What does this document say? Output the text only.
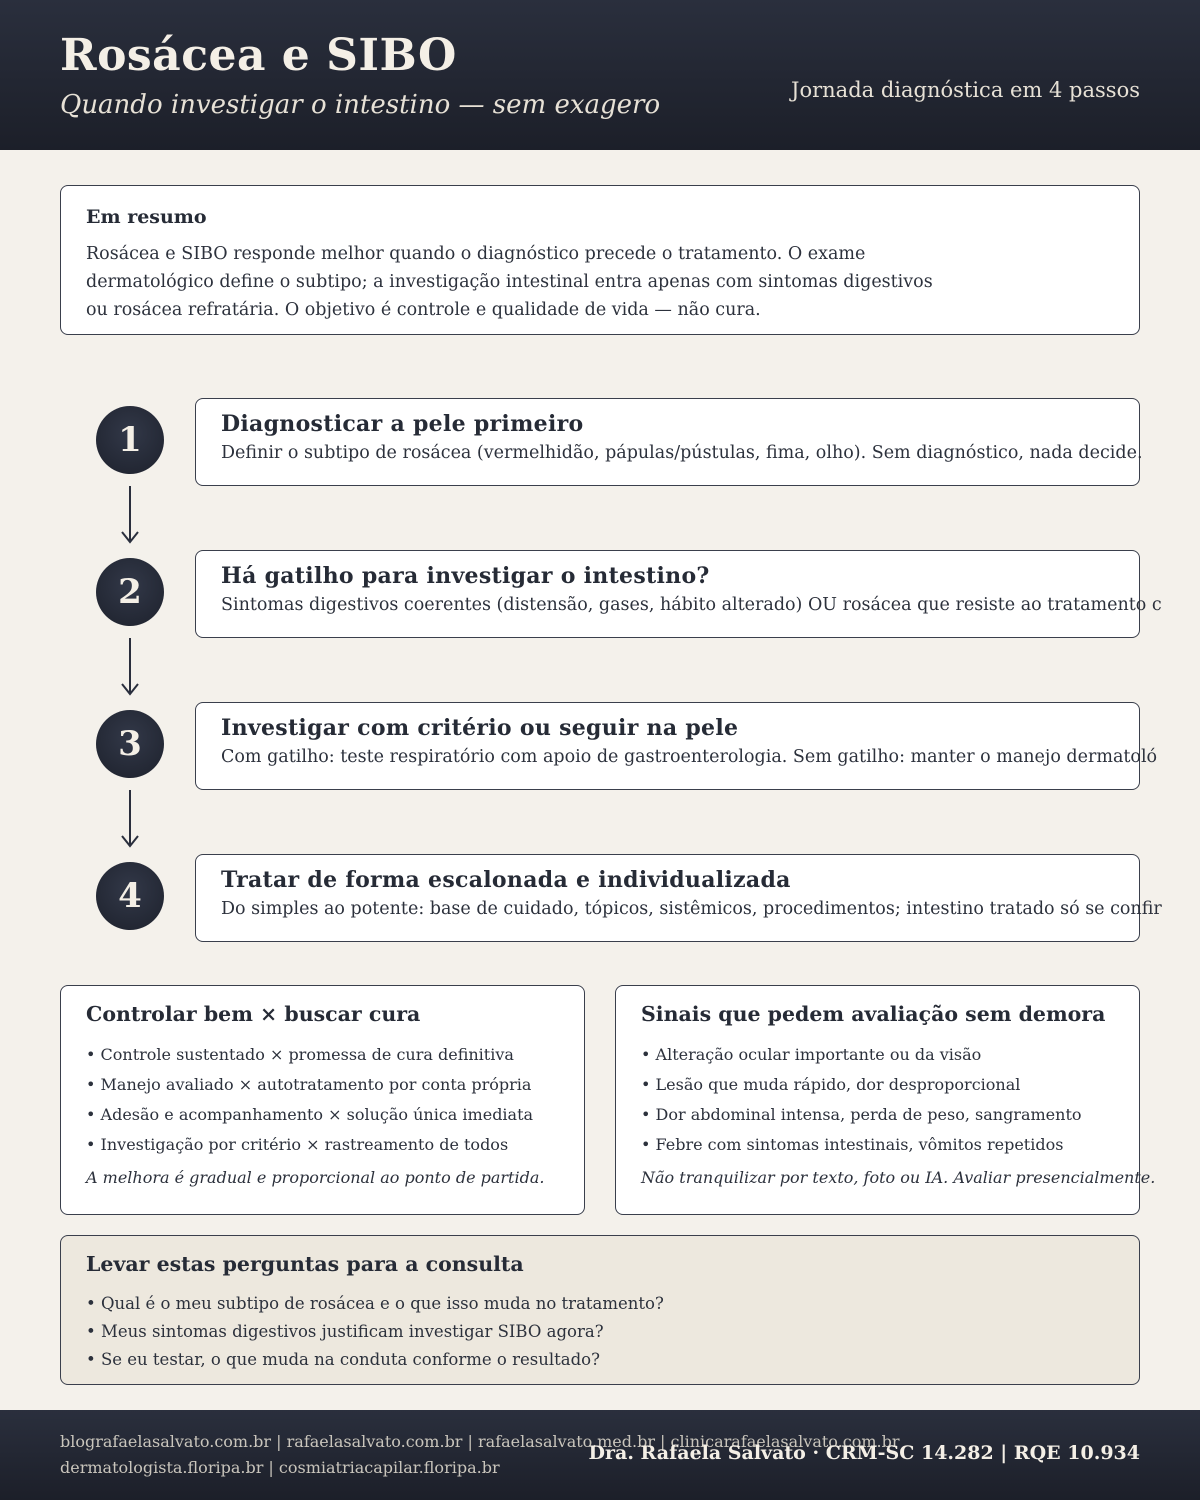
Rosácea e SIBO
Quando investigar o intestino — sem exagero	Jornada diagnóstica em 4 passos
Em resumo
Rosácea e SIBO responde melhor quando o diagnóstico precede o tratamento. O exame dermatológico define o subtipo; a investigação intestinal entra apenas com sintomas digestivos ou rosácea refratária. O objetivo é controle e qualidade de vida — não cura.
1	Diagnosticar a pele primeiro
Definir o subtipo de rosácea (vermelhidão, pápulas/pústulas, fima, olho). Sem diagnóstico, nada decide.
2	Há gatilho para investigar o intestino?
Sintomas digestivos coerentes (distensão, gases, hábito alterado) OU rosácea que resiste ao tratamento c
3	Investigar com critério ou seguir na pele
Com gatilho: teste respiratório com apoio de gastroenterologia. Sem gatilho: manter o manejo dermatoló
4	Tratar de forma escalonada e individualizada
Do simples ao potente: base de cuidado, tópicos, sistêmicos, procedimentos; intestino tratado só se confir
Controlar bem × buscar cura
• Controle sustentado × promessa de cura definitiva
• Manejo avaliado × autotratamento por conta própria
• Adesão e acompanhamento × solução única imediata
• Investigação por critério × rastreamento de todos
A melhora é gradual e proporcional ao ponto de partida.
Sinais que pedem avaliação sem demora
• Alteração ocular importante ou da visão
• Lesão que muda rápido, dor desproporcional
• Dor abdominal intensa, perda de peso, sangramento
• Febre com sintomas intestinais, vômitos repetidos
Não tranquilizar por texto, foto ou IA. Avaliar presencialmente.
Levar estas perguntas para a consulta
• Qual é o meu subtipo de rosácea e o que isso muda no tratamento?
• Meus sintomas digestivos justificam investigar SIBO agora?
• Se eu testar, o que muda na conduta conforme o resultado?
blografaelasalvato.com.br | rafaelasalvato.com.br | rafaelasalvato.med.br | clinicarafaelasalvato.com.br
dermatologista.floripa.br | cosmiatriacapilar.floripa.br
Dra. Rafaela Salvato · CRM-SC 14.282 | RQE 10.934
